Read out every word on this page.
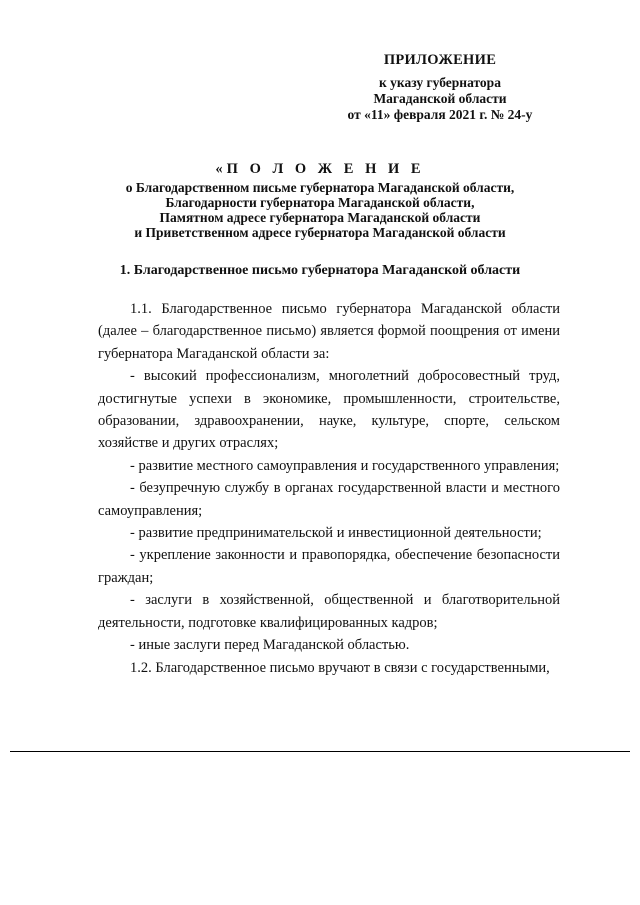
ПРИЛОЖЕНИЕ
к указу губернатора
Магаданской области
от «11» февраля 2021 г. № 24-у
«П О Л О Ж Е Н И Е
о Благодарственном письме губернатора Магаданской области,
Благодарности губернатора Магаданской области,
Памятном адресе губернатора Магаданской области
и Приветственном адресе губернатора Магаданской области
1. Благодарственное письмо губернатора Магаданской области

1.1. Благодарственное письмо губернатора Магаданской области (далее – благодарственное письмо) является формой поощрения от имени губернатора Магаданской области за:

- высокий профессионализм, многолетний добросовестный труд, достигнутые успехи в экономике, промышленности, строительстве, образовании, здравоохранении, науке, культуре, спорте, сельском хозяйстве и других отраслях;

- развитие местного самоуправления и государственного управления;

- безупречную службу в органах государственной власти и местного самоуправления;

- развитие предпринимательской и инвестиционной деятельности;

- укрепление законности и правопорядка, обеспечение безопасности граждан;

- заслуги в хозяйственной, общественной и благотворительной деятельности, подготовке квалифицированных кадров;

- иные заслуги перед Магаданской областью.

1.2. Благодарственное письмо вручают в связи с государственными,
